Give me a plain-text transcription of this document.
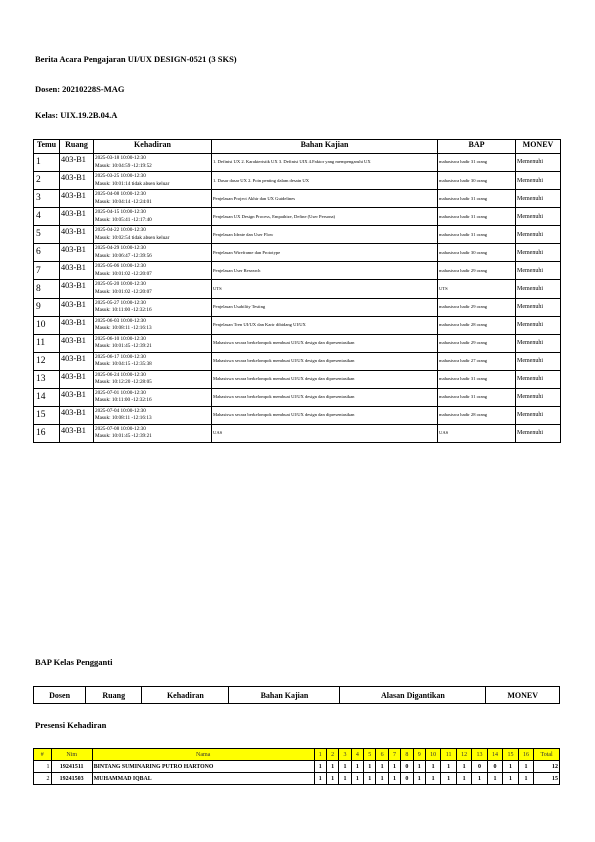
Berita Acara Pengajaran UI/UX DESIGN-0521 (3 SKS)

Dosen: 20210228S-MAG

Kelas: UIX.19.2B.04.A

Temu	Ruang	Kehadiran	Bahan Kajian	BAP	MONEV
1	403-B1	2025-03-18 10:00-12:30
Masuk: 10:04:59 -12:19:52	1. Definisi UX 2. Karakteristik UX 3. Definisi UIX 4.Faktor yang mempengaruhi UX	mahasiswa hadir 31 orang	Memenuhi
2	403-B1	2025-03-25 10:00-12:30
Masuk: 10:01:14 tidak absen keluar	1. Dasar dasar UX 2. Poin penting dalam desain UX	mahasiswa hadir 30 orang	Memenuhi
3	403-B1	2025-04-08 10:00-12:30
Masuk: 10:04:14 -12:24:01	Penjelasan Project Akhir dan UX Guidelines	mahasiswa hadir 31 orang	Memenuhi
4	403-B1	2025-04-15 10:00-12:30
Masuk: 10:05:41 -12:17:40	Penjelasan UX Design Process, Empathize, Define (User Persona)	mahasiswa hadir 31 orang	Memenuhi
5	403-B1	2025-04-22 10:00-12:30
Masuk: 10:02:54 tidak absen keluar	Penjelasan Ideate dan User Flow	mahasiswa hadir 31 orang	Memenuhi
6	403-B1	2025-04-29 10:00-12:30
Masuk: 10:06:47 -12:39:56	Penjelasan Wireframe dan Prototype	mahasiswa hadir 30 orang	Memenuhi
7	403-B1	2025-05-06 10:00-12:30
Masuk: 10:01:02 -12:20:07	Penjelasan User Research	mahasiswa hadir 29 orang	Memenuhi
8	403-B1	2025-05-20 10:00-12:30
Masuk: 10:01:02 -12:20:07	UTS	UTS	Memenuhi
9	403-B1	2025-05-27 10:00-12:30
Masuk: 10:11:00 -12:32:16	Penjelasan Usability Testing	mahasiswa hadir 29 orang	Memenuhi
10	403-B1	2025-06-03 10:00-12:30
Masuk: 10:08:11 -12:16:13	Penjelasan Tren UI/UX dan Karir dibidang UI/UX	mahasiswa hadir 28 orang	Memenuhi
11	403-B1	2025-06-10 10:00-12:30
Masuk: 10:01:45 -12:39:21	Mahasiswa secara berkelompok membuat UI/UX design dan dipresentasikan	mahasiswa hadir 29 orang	Memenuhi
12	403-B1	2025-06-17 10:00-12:30
Masuk: 10:04:15 -12:35:38	Mahasiswa secara berkelompok membuat UI/UX design dan dipresentasikan	mahasiswa hadir 27 orang	Memenuhi
13	403-B1	2025-06-24 10:00-12:30
Masuk: 10:12:20 -12:28:05	Mahasiswa secara berkelompok membuat UI/UX design dan dipresentasikan	mahasiswa hadir 31 orang	Memenuhi
14	403-B1	2025-07-01 10:00-12:30
Masuk: 10:11:00 -12:32:16	Mahasiswa secara berkelompok membuat UI/UX design dan dipresentasikan	mahasiswa hadir 31 orang	Memenuhi
15	403-B1	2025-07-04 10:00-12:30
Masuk: 10:08:11 -12:16:13	Mahasiswa secara berkelompok membuat UI/UX design dan dipresentasikan	mahasiswa hadir 28 orang	Memenuhi
16	403-B1	2025-07-08 10:00-12:30
Masuk: 10:01:45 -12:39:21	UAS	UAS	Memenuhi

BAP Kelas Pengganti

Dosen	Ruang	Kehadiran	Bahan Kajian	Alasan Digantikan	MONEV

Presensi Kehadiran

#	Nim	Nama	1	2	3	4	5	6	7	8	9	10	11	12	13	14	15	16	Total
1	19241511	BINTANG SUMINARING PUTRO HARTONO	1	1	1	1	1	1	1	0	1	1	1	1	0	0	1	1	12
2	19241503	MUHAMMAD IQBAL	1	1	1	1	1	1	1	0	1	1	1	1	1	1	1	1	15
